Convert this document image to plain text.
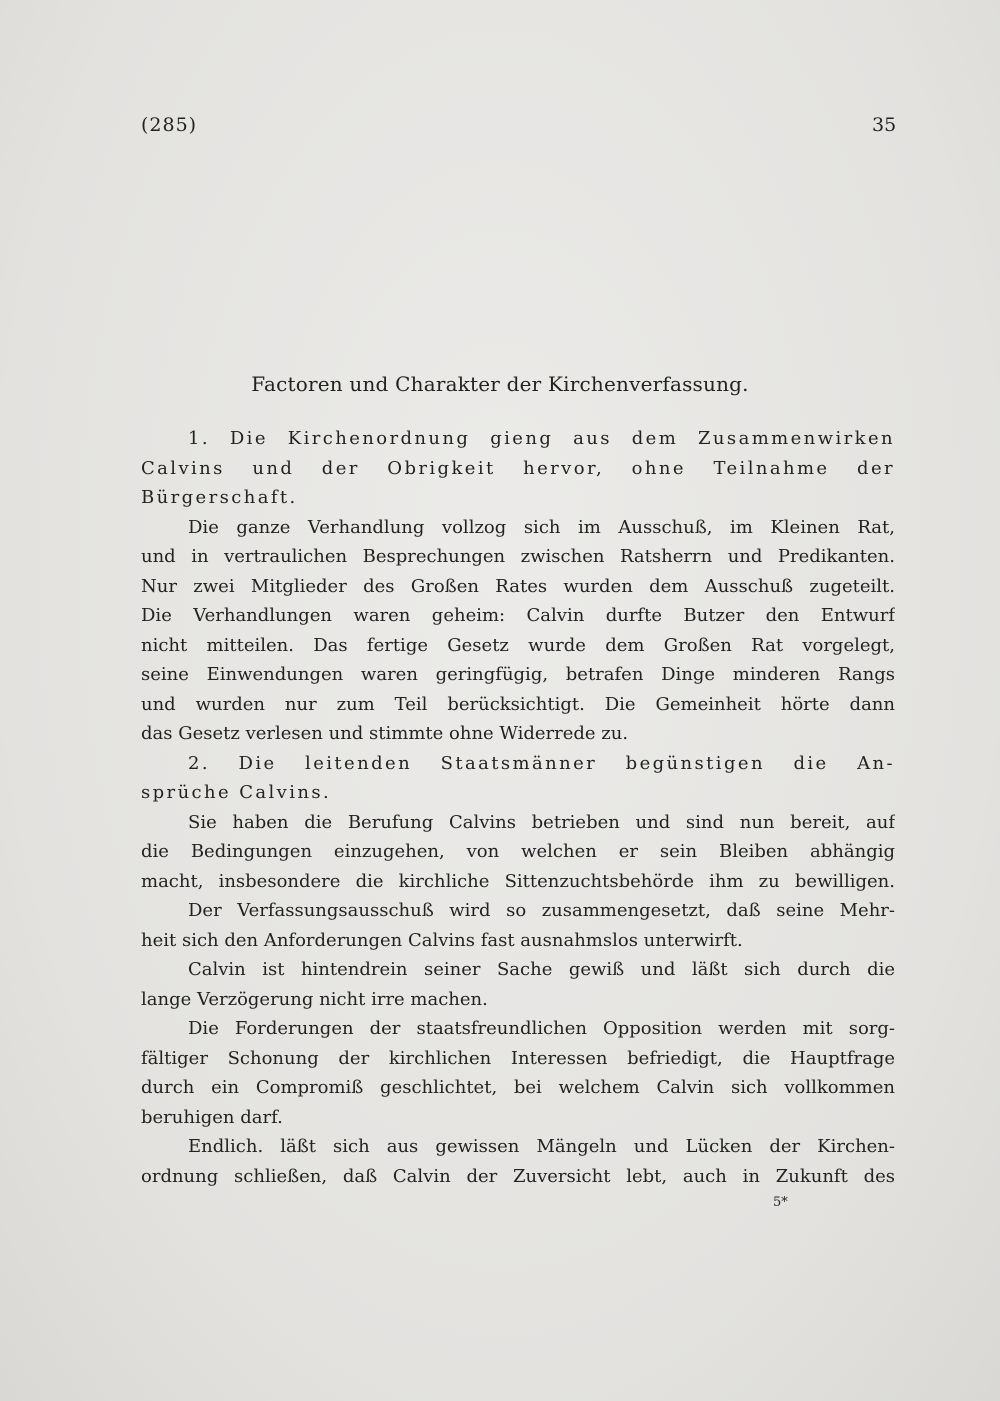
(285)	35
Factoren und Charakter der Kirchenverfassung.
1. Die Kirchenordnung gieng aus dem Zusammenwirken
Calvins und der Obrigkeit hervor, ohne Teilnahme der
Bürgerschaft.
Die ganze Verhandlung vollzog sich im Ausschuß, im Kleinen Rat,
und in vertraulichen Besprechungen zwischen Ratsherrn und Predikanten.
Nur zwei Mitglieder des Großen Rates wurden dem Ausschuß zugeteilt.
Die Verhandlungen waren geheim: Calvin durfte Butzer den Entwurf
nicht mitteilen. Das fertige Gesetz wurde dem Großen Rat vorgelegt,
seine Einwendungen waren geringfügig, betrafen Dinge minderen Rangs
und wurden nur zum Teil berücksichtigt. Die Gemeinheit hörte dann
das Gesetz verlesen und stimmte ohne Widerrede zu.
2. Die leitenden Staatsmänner begünstigen die An-
sprüche Calvins.
Sie haben die Berufung Calvins betrieben und sind nun bereit, auf
die Bedingungen einzugehen, von welchen er sein Bleiben abhängig
macht, insbesondere die kirchliche Sittenzuchtsbehörde ihm zu bewilligen.
Der Verfassungsausschuß wird so zusammengesetzt, daß seine Mehr-
heit sich den Anforderungen Calvins fast ausnahmslos unterwirft.
Calvin ist hintendrein seiner Sache gewiß und läßt sich durch die
lange Verzögerung nicht irre machen.
Die Forderungen der staatsfreundlichen Opposition werden mit sorg-
fältiger Schonung der kirchlichen Interessen befriedigt, die Hauptfrage
durch ein Compromiß geschlichtet, bei welchem Calvin sich vollkommen
beruhigen darf.
Endlich. läßt sich aus gewissen Mängeln und Lücken der Kirchen-
ordnung schließen, daß Calvin der Zuversicht lebt, auch in Zukunft des
5*
